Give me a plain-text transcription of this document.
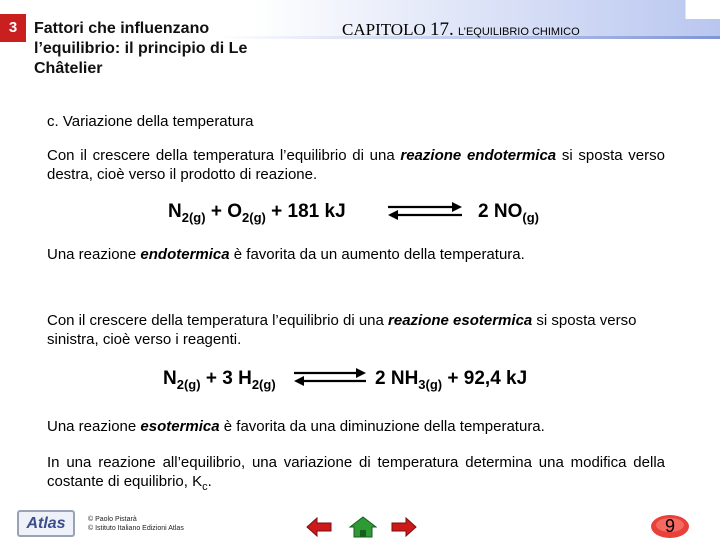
3	Fattori che influenzano l’equilibrio: il principio di Le Châtelier
CAPITOLO 17. L’EQUILIBRIO CHIMICO
c. Variazione della temperatura
Con il crescere della temperatura l’equilibrio di una reazione endotermica si sposta verso destra, cioè verso il prodotto di reazione.
$N_{2(g)} + O_{2(g)} + 181$ kJ	2 $NO_{(g)}$
Una reazione endotermica è favorita da un aumento della temperatura.
Con il crescere della temperatura l’equilibrio di una reazione esotermica si sposta verso sinistra, cioè verso i reagenti.
$N_{2(g)} + 3$ $H_{2(g)}$	2 $NH_{3(g)} + 92,4$ kJ
Una reazione esotermica è favorita da una diminuzione della temperatura.
In una reazione all’equilibrio, una variazione di temperatura determina una modifica della costante di equilibrio, $K_c$.
Atlas	© Paolo Pistarà
© Istituto Italiano Edizioni Atlas	9
